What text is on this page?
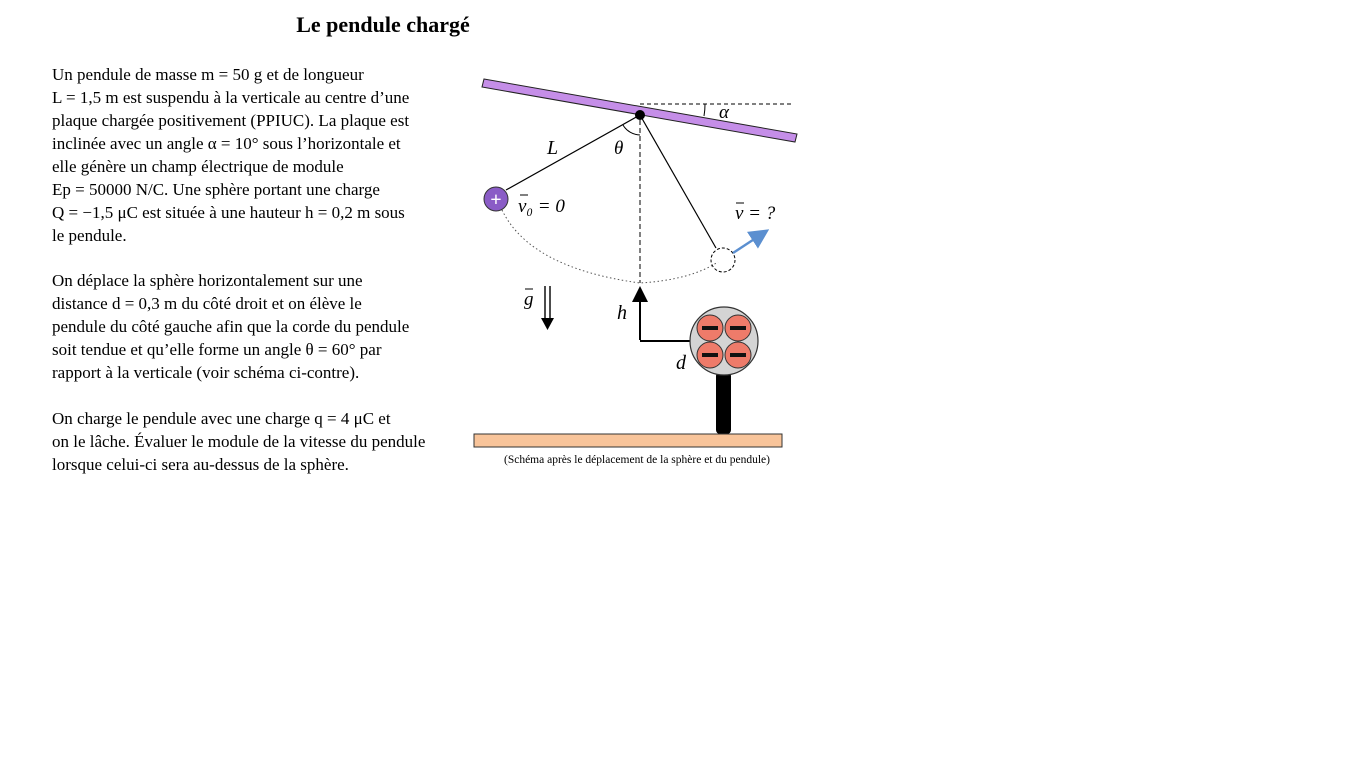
Le pendule chargé
Un pendule de masse m = 50 g et de longueur
L = 1,5 m est suspendu à la verticale au centre d’une
plaque chargée positivement (PPIUC). La plaque est
inclinée avec un angle α = 10° sous l’horizontale et
elle génère un champ électrique de module
Ep = 50000 N/C. Une sphère portant une charge
Q = −1,5 μC est située à une hauteur h = 0,2 m sous
le pendule.
On déplace la sphère horizontalement sur une
distance d = 0,3 m du côté droit et on élève le
pendule du côté gauche afin que la corde du pendule
soit tendue et qu’elle forme un angle θ = 60° par
rapport à la verticale (voir schéma ci-contre).
On charge le pendule avec une charge q = 4 μC et
on le lâche. Évaluer le module de la vitesse du pendule
lorsque celui-ci sera au-dessus de la sphère.
α
θ
L
+ v₀ = 0	v = ?
g
h
d
(Schéma après le déplacement de la sphère et du pendule)
